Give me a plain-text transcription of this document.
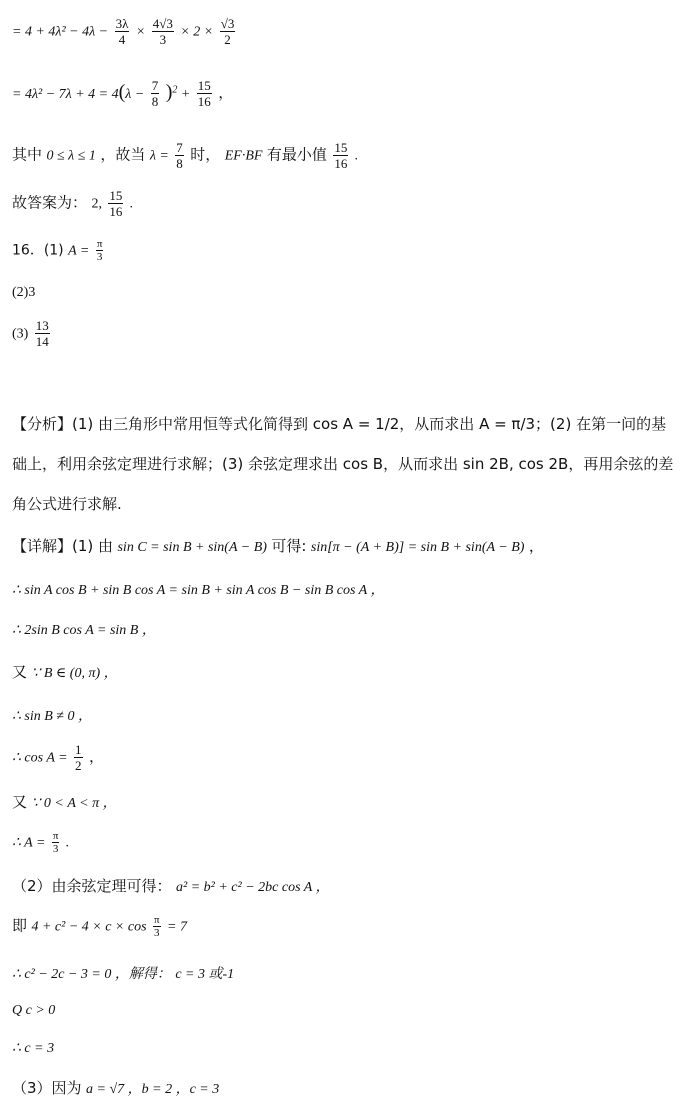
= $4 + 4\lambda^2 - 4\lambda - \frac{3\lambda}{4} \times \frac{4√3}{3} \times 2 \times \frac{√3}{2}$
= $4\lambda^2 - 7\lambda + 4 = 4(\lambda - \frac{7}{8} )^2 + \frac{15}{16}$ ，
其中 0 ≤ λ ≤ 1 ，故当 $\lambda = \frac{7}{8}$ 时， EF·BF 有最小值 $\frac{15}{16}$ .
故答案为： 2, $\frac{15}{16}$ .
16．(1) $A = \frac{\pi}{3}$
(2)3
$(3) \frac{13}{14}$
【分析】(1) 由三角形中常用恒等式化简得到 cos A = 1/2，从而求出 A = π/3；(2) 在第一问的基础上，利用余弦定理进行求解；(3) 余弦定理求出 cos B，从而求出 sin 2B, cos 2B，再用余弦的差角公式进行求解.
【详解】(1) 由 sin C = sin B + sin(A − B) 可得: sin[π − (A + B)] = sin B + sin(A − B) ，
∴ sin A cos B + sin B cos A = sin B + sin A cos B − sin B cos A ，
∴ 2sin B cos A = sin B ，
又 ∵ B ∈ (0, π) ，
∴ sin B ≠ 0 ，
∴ $\cos A = \frac{1}{2}$ ，
又 ∵ 0 < A < π ，
∴ $A = \frac{\pi}{3}$ .
（2）由余弦定理可得： a² = b² + c² − 2bc cos A ，
即 $4 + c^2 - 4 \times c \times \cos \frac{\pi}{3} = 7$
∴ c² − 2c − 3 = 0 ，解得： c = 3 或-1
Q c > 0
∴ c = 3
（3）因为 a = √7 ，b = 2 ，c = 3
